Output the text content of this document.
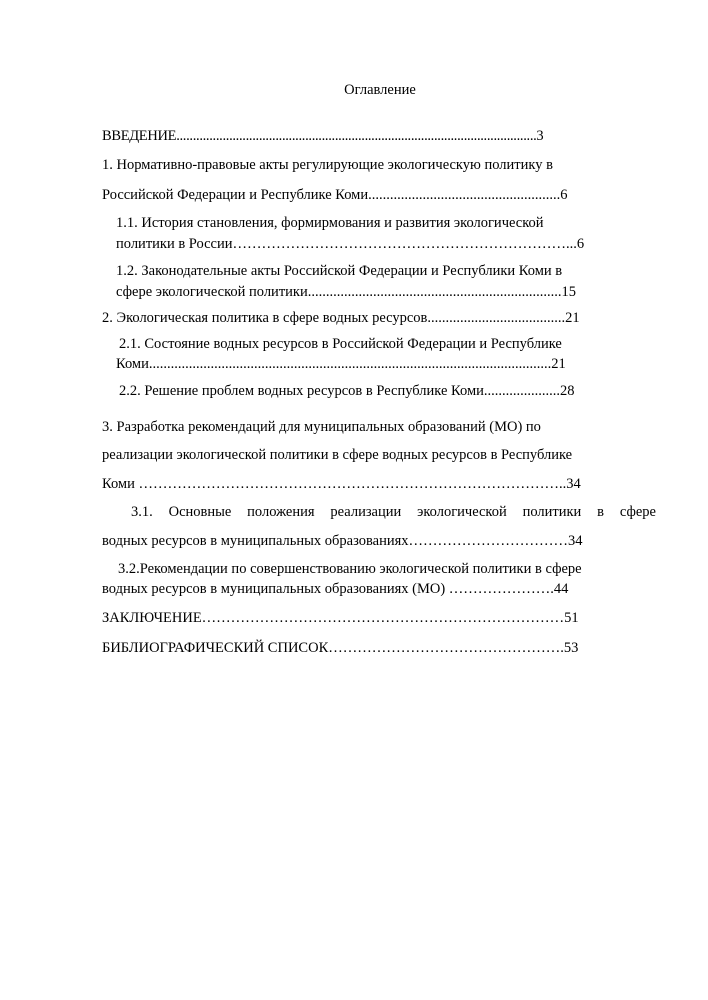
Оглавление
ВВЕДЕНИЕ.............................................................................................................3
1. Нормативно-правовые акты регулирующие экологическую политику в
Российской Федерации и Республике Коми.....................................................6
1.1. История становления, формирмования и развития экологической
политики в России……………………………………………………………...6
1.2. Законодательные акты Российской Федерации и Республики Коми в
сфере экологической политики......................................................................15
2. Экологическая политика в сфере водных ресурсов......................................21
2.1. Состояние водных ресурсов в Российской Федерации и Республике
Коми...............................................................................................................21
2.2. Решение проблем водных ресурсов в Республике Коми.....................28
3. Разработка рекомендаций для муниципальных образований (МО) по
реализации экологической политики в сфере водных ресурсов в Республике
Коми ……………………………………………………………………………..34
3.1. Основные положения реализации экологической политики в сфере
водных ресурсов в муниципальных образованиях……………………………34
3.2.Рекомендации по совершенствованию экологической политики в сфере
водных ресурсов в муниципальных образованиях (МО) ………………….44
ЗАКЛЮЧЕНИЕ…………………………………………………………………51
БИБЛИОГРАФИЧЕСКИЙ СПИСОК………………………………………….53
